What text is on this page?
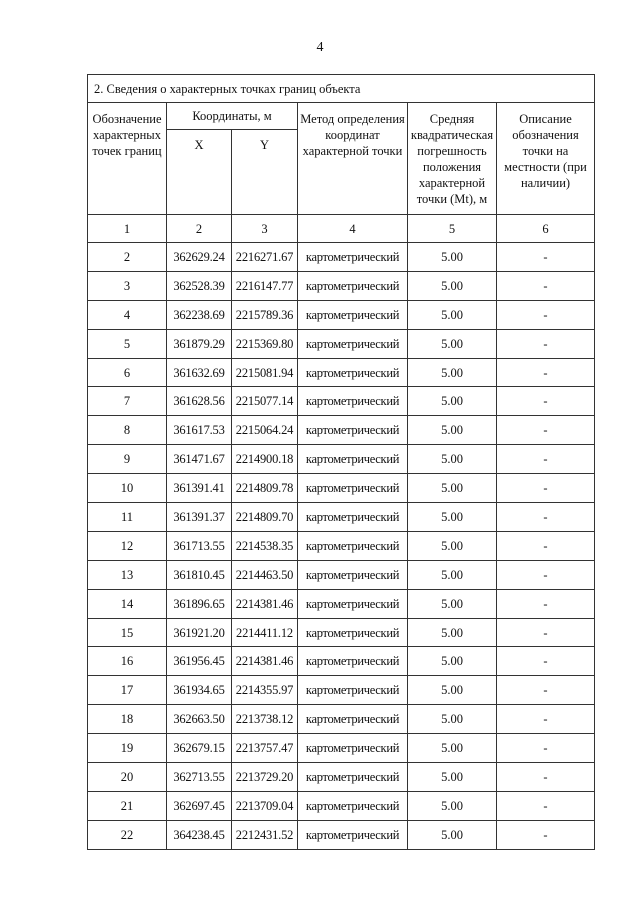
4
2. Сведения о характерных точках границ объекта					
Обозначение характерных точек границ	Координаты, м		Метод определения координат характерной точки	Средняя квадратическая погрешность положения характерной точки (Mt), м	Описание обозначения точки на местности (при наличии)
	X	Y			
1	2	3	4	5	6
2	362629.24	2216271.67	картометрический	5.00	-
3	362528.39	2216147.77	картометрический	5.00	-
4	362238.69	2215789.36	картометрический	5.00	-
5	361879.29	2215369.80	картометрический	5.00	-
6	361632.69	2215081.94	картометрический	5.00	-
7	361628.56	2215077.14	картометрический	5.00	-
8	361617.53	2215064.24	картометрический	5.00	-
9	361471.67	2214900.18	картометрический	5.00	-
10	361391.41	2214809.78	картометрический	5.00	-
11	361391.37	2214809.70	картометрический	5.00	-
12	361713.55	2214538.35	картометрический	5.00	-
13	361810.45	2214463.50	картометрический	5.00	-
14	361896.65	2214381.46	картометрический	5.00	-
15	361921.20	2214411.12	картометрический	5.00	-
16	361956.45	2214381.46	картометрический	5.00	-
17	361934.65	2214355.97	картометрический	5.00	-
18	362663.50	2213738.12	картометрический	5.00	-
19	362679.15	2213757.47	картометрический	5.00	-
20	362713.55	2213729.20	картометрический	5.00	-
21	362697.45	2213709.04	картометрический	5.00	-
22	364238.45	2212431.52	картометрический	5.00	-
